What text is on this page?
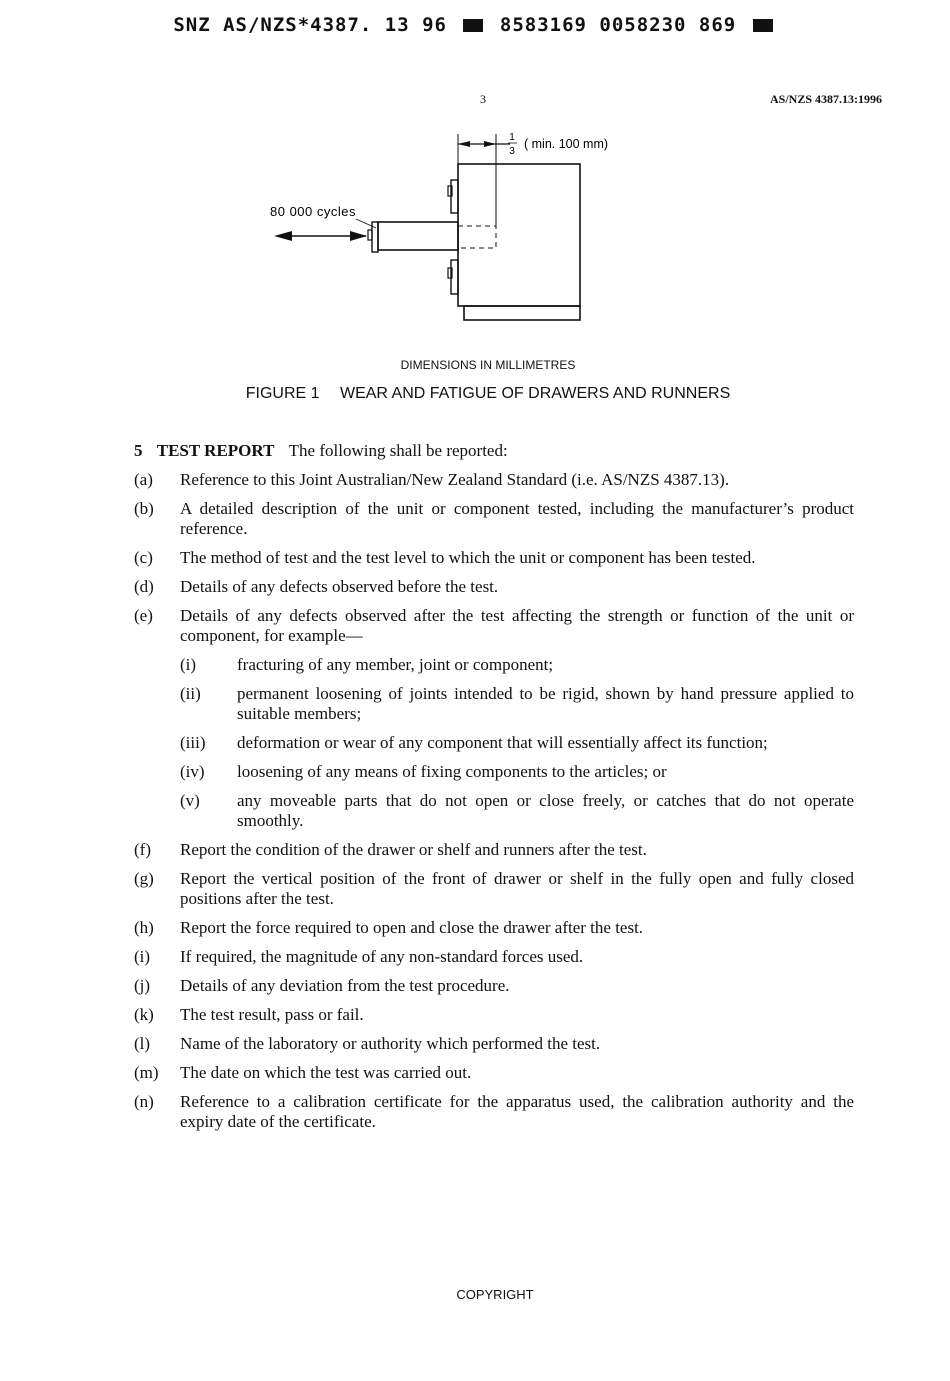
SNZ AS/NZS*4387. 13 96	8583169 0058230 869
3	AS/NZS 4387.13:1996
1
3
( min. 100 mm)
80 000 cycles
DIMENSIONS IN MILLIMETRES
FIGURE 1 WEAR AND FATIGUE OF DRAWERS AND RUNNERS
5 TEST REPORT The following shall be reported:
(a)	Reference to this Joint Australian/New Zealand Standard (i.e. AS/NZS 4387.13).
(b)	A detailed description of the unit or component tested, including the manufacturer’s product reference.
(c)	The method of test and the test level to which the unit or component has been tested.
(d)	Details of any defects observed before the test.
(e)	Details of any defects observed after the test affecting the strength or function of the unit or component, for example—
(i)	fracturing of any member, joint or component;
(ii)	permanent loosening of joints intended to be rigid, shown by hand pressure applied to suitable members;
(iii)	deformation or wear of any component that will essentially affect its function;
(iv)	loosening of any means of fixing components to the articles; or
(v)	any moveable parts that do not open or close freely, or catches that do not operate smoothly.
(f)	Report the condition of the drawer or shelf and runners after the test.
(g)	Report the vertical position of the front of drawer or shelf in the fully open and fully closed positions after the test.
(h)	Report the force required to open and close the drawer after the test.
(i)	If required, the magnitude of any non-standard forces used.
(j)	Details of any deviation from the test procedure.
(k)	The test result, pass or fail.
(l)	Name of the laboratory or authority which performed the test.
(m)	The date on which the test was carried out.
(n)	Reference to a calibration certificate for the apparatus used, the calibration authority and the expiry date of the certificate.
COPYRIGHT
